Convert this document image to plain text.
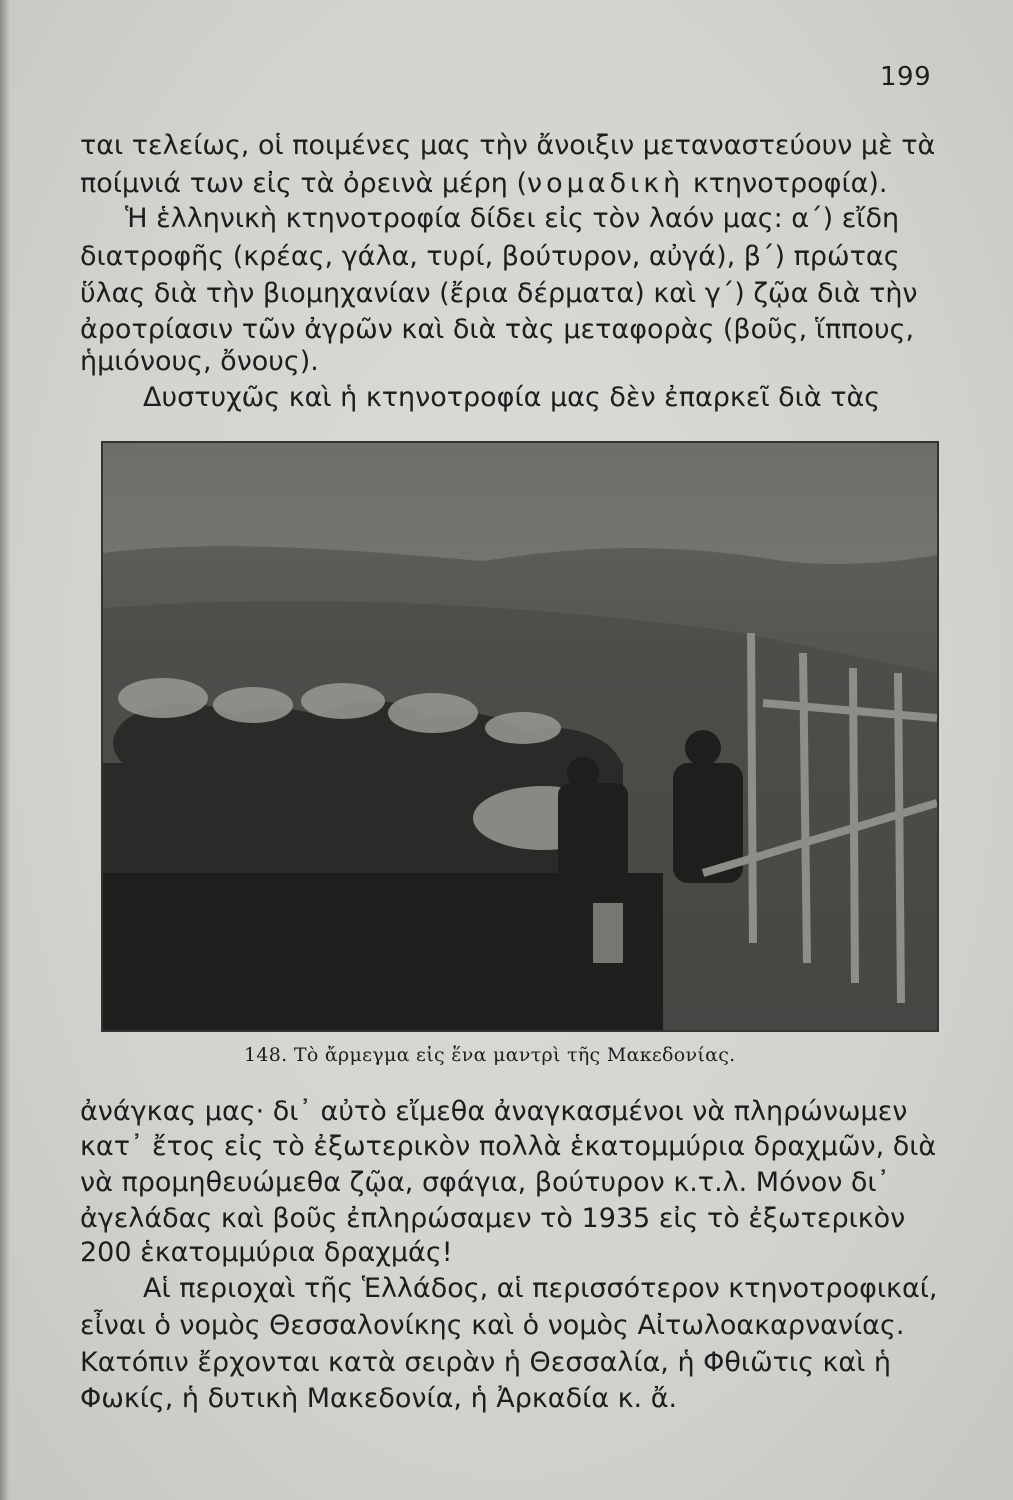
199
ται τελείως, οἱ ποιμένες μας τὴν ἄνοιξιν μεταναστεύουν μὲ τὰ
ποίμνιά των εἰς τὰ ὀρεινὰ μέρη (νομαδικὴ κτηνοτροφία).
Ἡ ἑλληνικὴ κτηνοτροφία δίδει εἰς τὸν λαόν μας: α΄) εἴδη
διατροφῆς (κρέας, γάλα, τυρί, βούτυρον, αὐγά), β΄) πρώτας
ὕλας διὰ τὴν βιομηχανίαν (ἔρια δέρματα) καὶ γ΄) ζῷα διὰ τὴν
ἀροτρίασιν τῶν ἀγρῶν καὶ διὰ τὰς μεταφορὰς (βοῦς, ἵππους,
ἡμιόνους, ὄνους).
Δυστυχῶς καὶ ἡ κτηνοτροφία μας δὲν ἐπαρκεῖ διὰ τὰς
148. Τὸ ἄρμεγμα εἰς ἕνα μαντρὶ τῆς Μακεδονίας.
ἀνάγκας μας· δι᾿ αὐτὸ εἴμεθα ἀναγκασμένοι νὰ πληρώνωμεν
κατ᾿ ἔτος εἰς τὸ ἐξωτερικὸν πολλὰ ἑκατομμύρια δραχμῶν, διὰ
νὰ προμηθευώμεθα ζῷα, σφάγια, βούτυρον κ.τ.λ. Μόνον δι᾿
ἀγελάδας καὶ βοῦς ἐπληρώσαμεν τὸ 1935 εἰς τὸ ἐξωτερικὸν
200 ἑκατομμύρια δραχμάς!
Αἱ περιοχαὶ τῆς Ἑλλάδος, αἱ περισσότερον κτηνοτροφικαί,
εἶναι ὁ νομὸς Θεσσαλονίκης καὶ ὁ νομὸς Αἰτωλοακαρνανίας.
Κατόπιν ἔρχονται κατὰ σειρὰν ἡ Θεσσαλία, ἡ Φθιῶτις καὶ ἡ
Φωκίς, ἡ δυτικὴ Μακεδονία, ἡ Ἀρκαδία κ. ἄ.
